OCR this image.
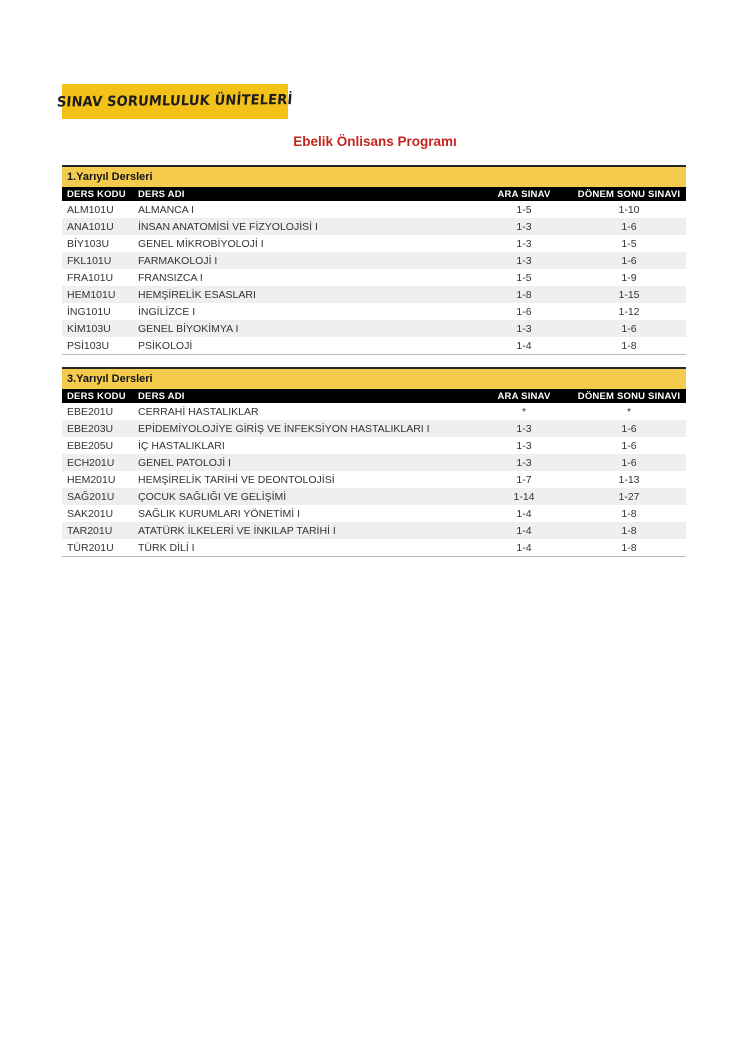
SINAV SORUMLULUK ÜNİTELERİ
Ebelik Önlisans Programı
1.Yarıyıl Dersleri
DERS KODU	DERS ADI	ARA SINAV	DÖNEM SONU SINAVI
ALM101U	ALMANCA I	1-5	1-10
ANA101U	İNSAN ANATOMİSİ VE FİZYOLOJİSİ I	1-3	1-6
BİY103U	GENEL MİKROBİYOLOJİ I	1-3	1-5
FKL101U	FARMAKOLOJİ I	1-3	1-6
FRA101U	FRANSIZCA I	1-5	1-9
HEM101U	HEMŞİRELİK ESASLARI	1-8	1-15
İNG101U	İNGİLİZCE I	1-6	1-12
KİM103U	GENEL BİYOKİMYA I	1-3	1-6
PSİ103U	PSİKOLOJİ	1-4	1-8
3.Yarıyıl Dersleri
DERS KODU	DERS ADI	ARA SINAV	DÖNEM SONU SINAVI
EBE201U	CERRAHİ HASTALIKLAR	*	*
EBE203U	EPİDEMİYOLOJİYE GİRİŞ VE İNFEKSİYON HASTALIKLARI I	1-3	1-6
EBE205U	İÇ HASTALIKLARI	1-3	1-6
ECH201U	GENEL PATOLOJİ I	1-3	1-6
HEM201U	HEMŞİRELİK TARİHİ VE DEONTOLOJİSİ	1-7	1-13
SAĞ201U	ÇOCUK SAĞLIĞI VE GELİŞİMİ	1-14	1-27
SAK201U	SAĞLIK KURUMLARI YÖNETİMİ I	1-4	1-8
TAR201U	ATATÜRK İLKELERİ VE İNKILAP TARİHİ I	1-4	1-8
TÜR201U	TÜRK DİLİ I	1-4	1-8
